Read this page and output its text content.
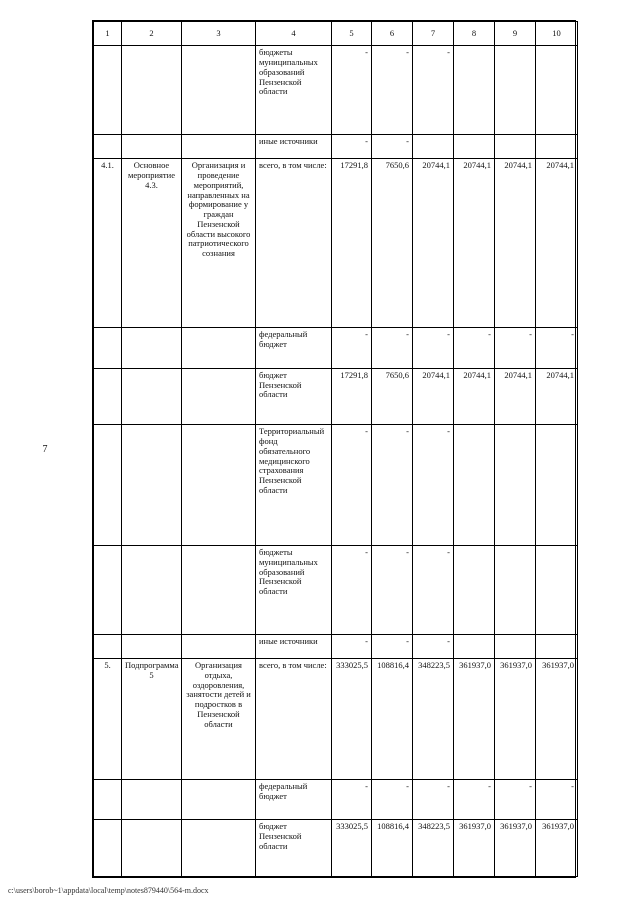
7
1	2	3	4	5	6	7	8	9	10
			бюджеты муниципальных образований Пензенской области	-	-	-			
			иные источники	-	-				
4.1.	Основное мероприятие 4.3.	Организация и проведение мероприятий, направленных на формирование у граждан Пензенской области высокого патриотического сознания	всего, в том числе:	17291,8	7650,6	20744,1	20744,1	20744,1	20744,1
			федеральный бюджет	-	-	-	-	-	-
			бюджет Пензенской области	17291,8	7650,6	20744,1	20744,1	20744,1	20744,1
			Территориальный фонд обязательного медицинского страхования Пензенской области	-	-	-			
			бюджеты муниципальных образований Пензенской области	-	-	-			
			иные источники	-	-	-			
5.	Подпрограмма 5	Организация отдыха, оздоровления, занятости детей и подростков в Пензенской области	всего, в том числе:	333025,5	108816,4	348223,5	361937,0	361937,0	361937,0
			федеральный бюджет	-	-	-	-	-	-
			бюджет Пензенской области	333025,5	108816,4	348223,5	361937,0	361937,0	361937,0
c:\users\borob~1\appdata\local\temp\notes879440\564-m.docx
